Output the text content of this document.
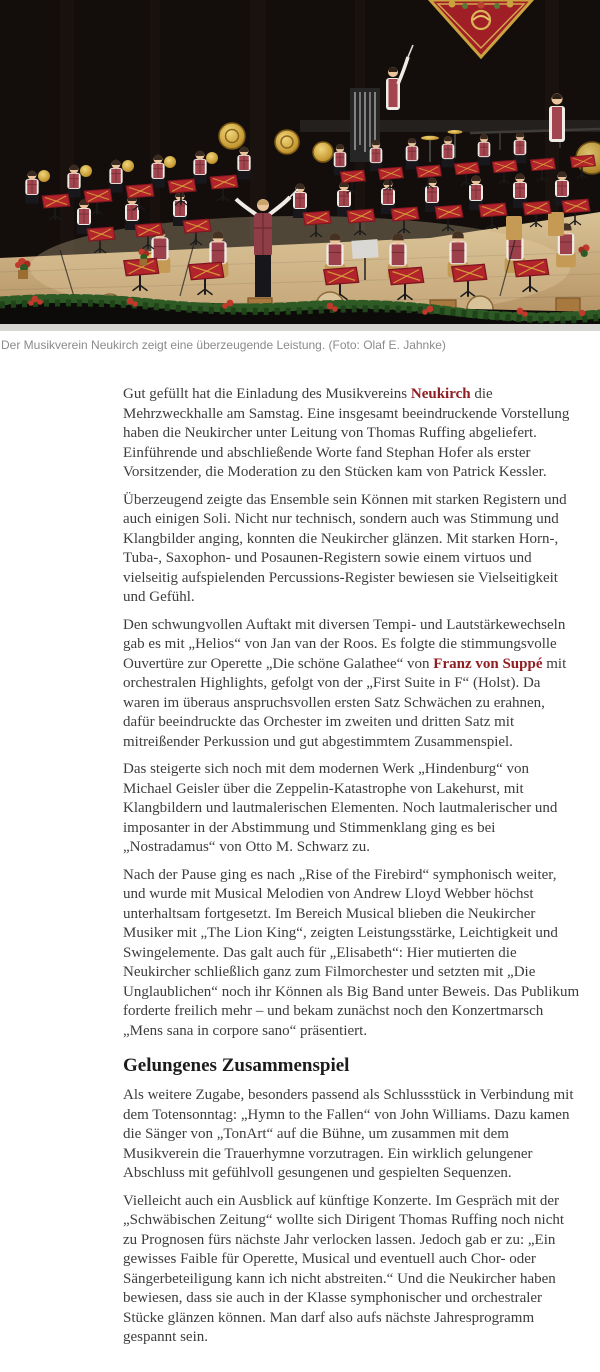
Der Musikverein Neukirch zeigt eine überzeugende Leistung. (Foto: Olaf E. Jahnke)

Gut gefüllt hat die Einladung des Musikvereins Neukirch die Mehrzweckhalle am Samstag. Eine insgesamt beeindruckende Vorstellung haben die Neukircher unter Leitung von Thomas Ruffing abgeliefert. Einführende und abschließende Worte fand Stephan Hofer als erster Vorsitzender, die Moderation zu den Stücken kam von Patrick Kessler.

Überzeugend zeigte das Ensemble sein Können mit starken Registern und auch einigen Soli. Nicht nur technisch, sondern auch was Stimmung und Klangbilder anging, konnten die Neukircher glänzen. Mit starken Horn-, Tuba-, Saxophon- und Posaunen-Registern sowie einem virtuos und vielseitig aufspielenden Percussions-Register bewiesen sie Vielseitigkeit und Gefühl.

Den schwungvollen Auftakt mit diversen Tempi- und Lautstärkewechseln gab es mit „Helios“ von Jan van der Roos. Es folgte die stimmungsvolle Ouvertüre zur Operette „Die schöne Galathee“ von Franz von Suppé mit orchestralen Highlights, gefolgt von der „First Suite in F“ (Holst). Da waren im überaus anspruchsvollen ersten Satz Schwächen zu erahnen, dafür beeindruckte das Orchester im zweiten und dritten Satz mit mitreißender Perkussion und gut abgestimmtem Zusammenspiel.

Das steigerte sich noch mit dem modernen Werk „Hindenburg“ von Michael Geisler über die Zeppelin-Katastrophe von Lakehurst, mit Klangbildern und lautmalerischen Elementen. Noch lautmalerischer und imposanter in der Abstimmung und Stimmenklang ging es bei „Nostradamus“ von Otto M. Schwarz zu.

Nach der Pause ging es nach „Rise of the Firebird“ symphonisch weiter, und wurde mit Musical Melodien von Andrew Lloyd Webber höchst unterhaltsam fortgesetzt. Im Bereich Musical blieben die Neukircher Musiker mit „The Lion King“, zeigten Leistungsstärke, Leichtigkeit und Swingelemente. Das galt auch für „Elisabeth“: Hier mutierten die Neukircher schließlich ganz zum Filmorchester und setzten mit „Die Unglaublichen“ noch ihr Können als Big Band unter Beweis. Das Publikum forderte freilich mehr – und bekam zunächst noch den Konzertmarsch „Mens sana in corpore sano“ präsentiert.

Gelungenes Zusammenspiel

Als weitere Zugabe, besonders passend als Schlussstück in Verbindung mit dem Totensonntag: „Hymn to the Fallen“ von John Williams. Dazu kamen die Sänger von „TonArt“ auf die Bühne, um zusammen mit dem Musikverein die Trauerhymne vorzutragen. Ein wirklich gelungener Abschluss mit gefühlvoll gesungenen und gespielten Sequenzen.

Vielleicht auch ein Ausblick auf künftige Konzerte. Im Gespräch mit der „Schwäbischen Zeitung“ wollte sich Dirigent Thomas Ruffing noch nicht zu Prognosen fürs nächste Jahr verlocken lassen. Jedoch gab er zu: „Ein gewisses Faible für Operette, Musical und eventuell auch Chor- oder Sängerbeteiligung kann ich nicht abstreiten.“ Und die Neukircher haben bewiesen, dass sie auch in der Klasse symphonischer und orchestraler Stücke glänzen können. Man darf also aufs nächste Jahresprogramm gespannt sein.
